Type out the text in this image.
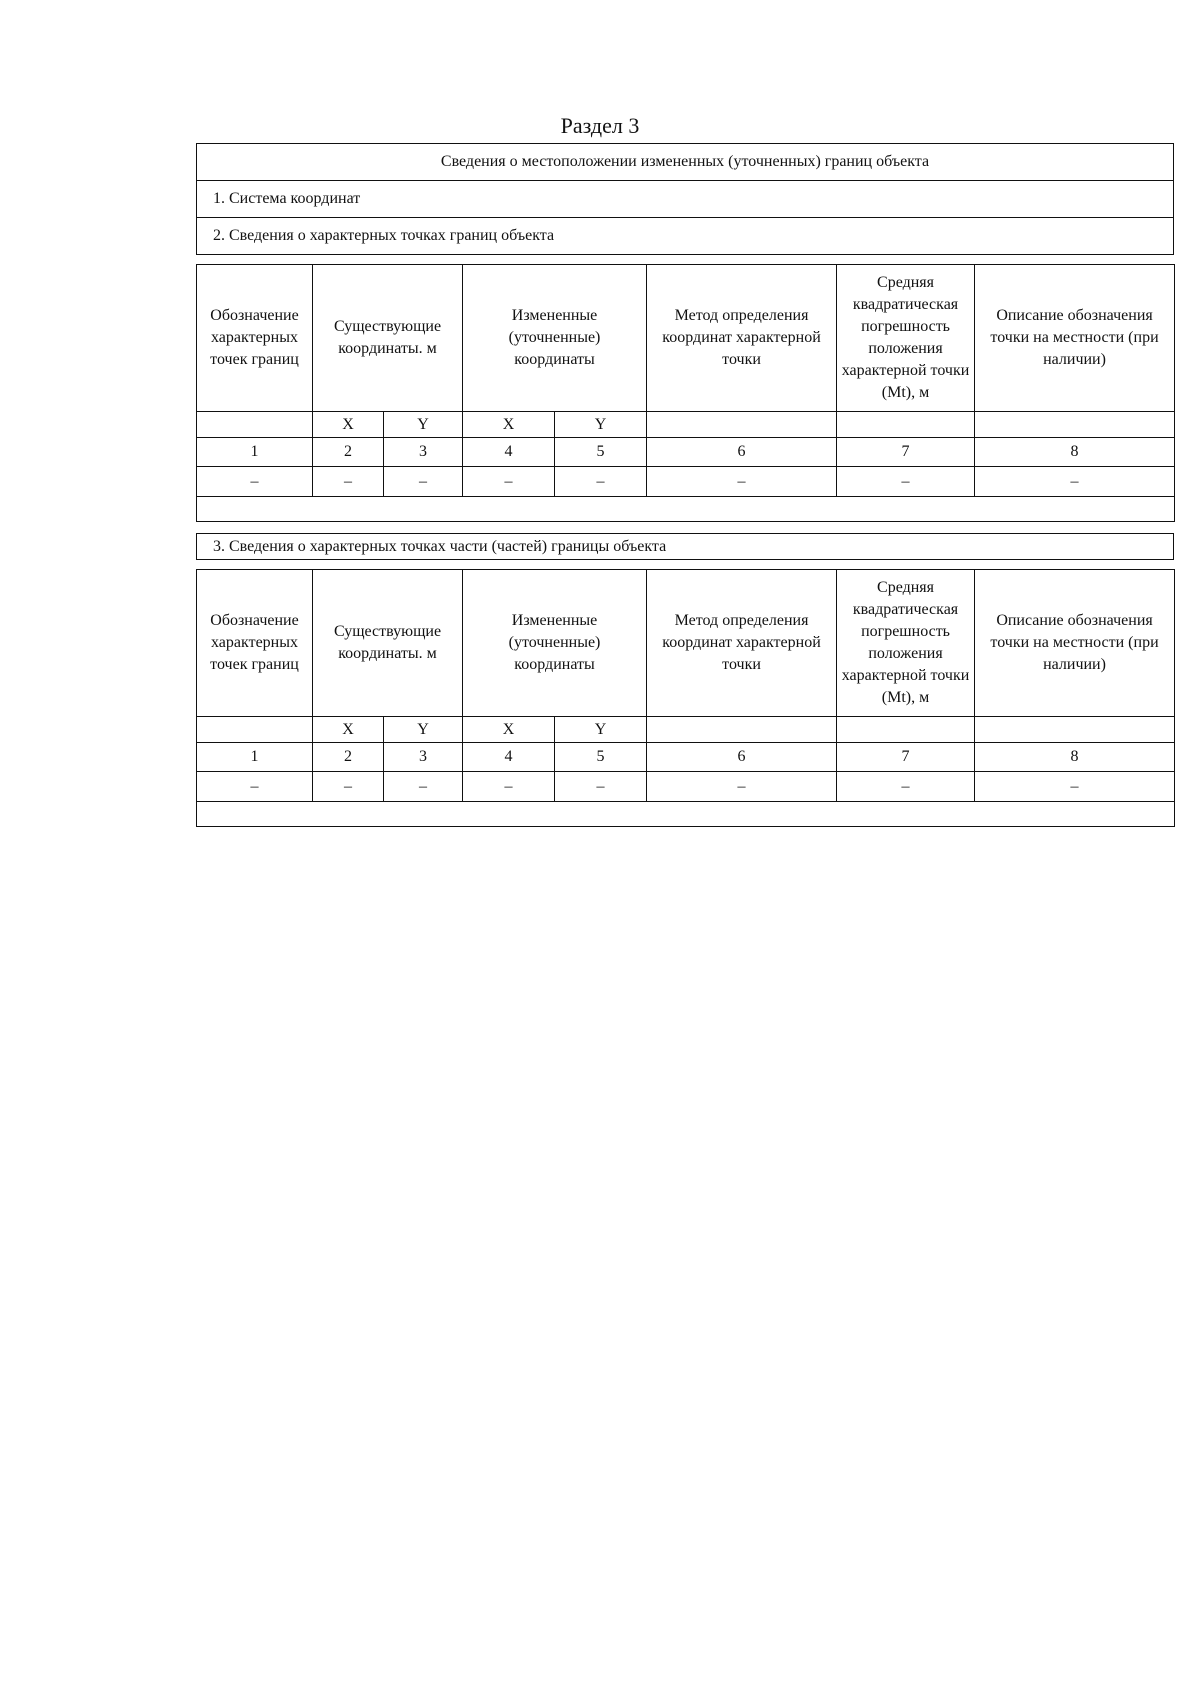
Раздел 3
Сведения о местоположении измененных (уточненных) границ объекта
1. Система координат
2. Сведения о характерных точках границ объекта
Обозначение характерных точек границ	Существующие координаты. м		Измененные (уточненные) координаты		Метод определения координат характерной точки	Средняя квадратическая погрешность положения характерной точки (Mt), м	Описание обозначения точки на местности (при наличии)
	X	Y	X	Y			
1	2	3	4	5	6	7	8
–	–	–	–	–	–	–	–

3. Сведения о характерных точках части (частей) границы объекта
Обозначение характерных точек границ	Существующие координаты. м		Измененные (уточненные) координаты		Метод определения координат характерной точки	Средняя квадратическая погрешность положения характерной точки (Mt), м	Описание обозначения точки на местности (при наличии)
	X	Y	X	Y			
1	2	3	4	5	6	7	8
–	–	–	–	–	–	–	–
